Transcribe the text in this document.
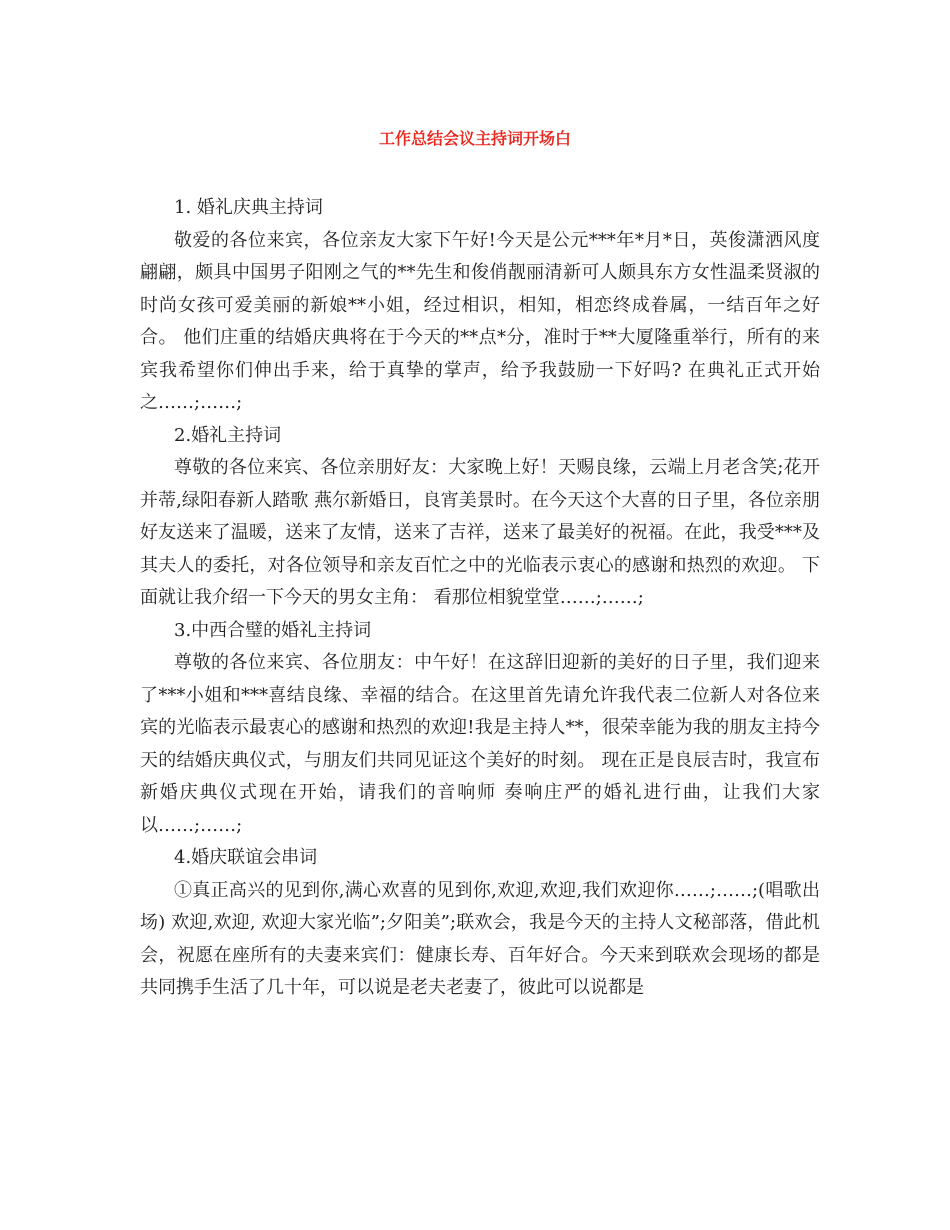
工作总结会议主持词开场白

1. 婚礼庆典主持词

敬爱的各位来宾，各位亲友大家下午好!今天是公元***年*月*日，英俊潇洒风度翩翩，颇具中国男子阳刚之气的**先生和俊俏靓丽清新可人颇具东方女性温柔贤淑的时尚女孩可爱美丽的新娘**小姐，经过相识，相知，相恋终成眷属，一结百年之好合。 他们庄重的结婚庆典将在于今天的**点*分，准时于**大厦隆重举行，所有的来宾我希望你们伸出手来，给于真挚的掌声，给予我鼓励一下好吗? 在典礼正式开始之……;……;

2.婚礼主持词

尊敬的各位来宾、各位亲朋好友：大家晚上好！天赐良缘，云端上月老含笑;花开并蒂,绿阳春新人踏歌 燕尔新婚日，良宵美景时。在今天这个大喜的日子里，各位亲朋好友送来了温暖，送来了友情，送来了吉祥，送来了最美好的祝福。在此，我受***及其夫人的委托，对各位领导和亲友百忙之中的光临表示衷心的感谢和热烈的欢迎。 下面就让我介绍一下今天的男女主角： 看那位相貌堂堂……;……;

3.中西合璧的婚礼主持词

尊敬的各位来宾、各位朋友：中午好！在这辞旧迎新的美好的日子里，我们迎来了***小姐和***喜结良缘、幸福的结合。在这里首先请允许我代表二位新人对各位来宾的光临表示最衷心的感谢和热烈的欢迎!我是主持人**，很荣幸能为我的朋友主持今天的结婚庆典仪式，与朋友们共同见证这个美好的时刻。 现在正是良辰吉时，我宣布新婚庆典仪式现在开始，请我们的音响师 奏响庄严的婚礼进行曲，让我们大家以……;……;

4.婚庆联谊会串词

①真正高兴的见到你,满心欢喜的见到你,欢迎,欢迎,我们欢迎你……;……;(唱歌出场) 欢迎,欢迎, 欢迎大家光临”;夕阳美”;联欢会，我是今天的主持人文秘部落，借此机会，祝愿在座所有的夫妻来宾们：健康长寿、百年好合。今天来到联欢会现场的都是共同携手生活了几十年，可以说是老夫老妻了，彼此可以说都是
